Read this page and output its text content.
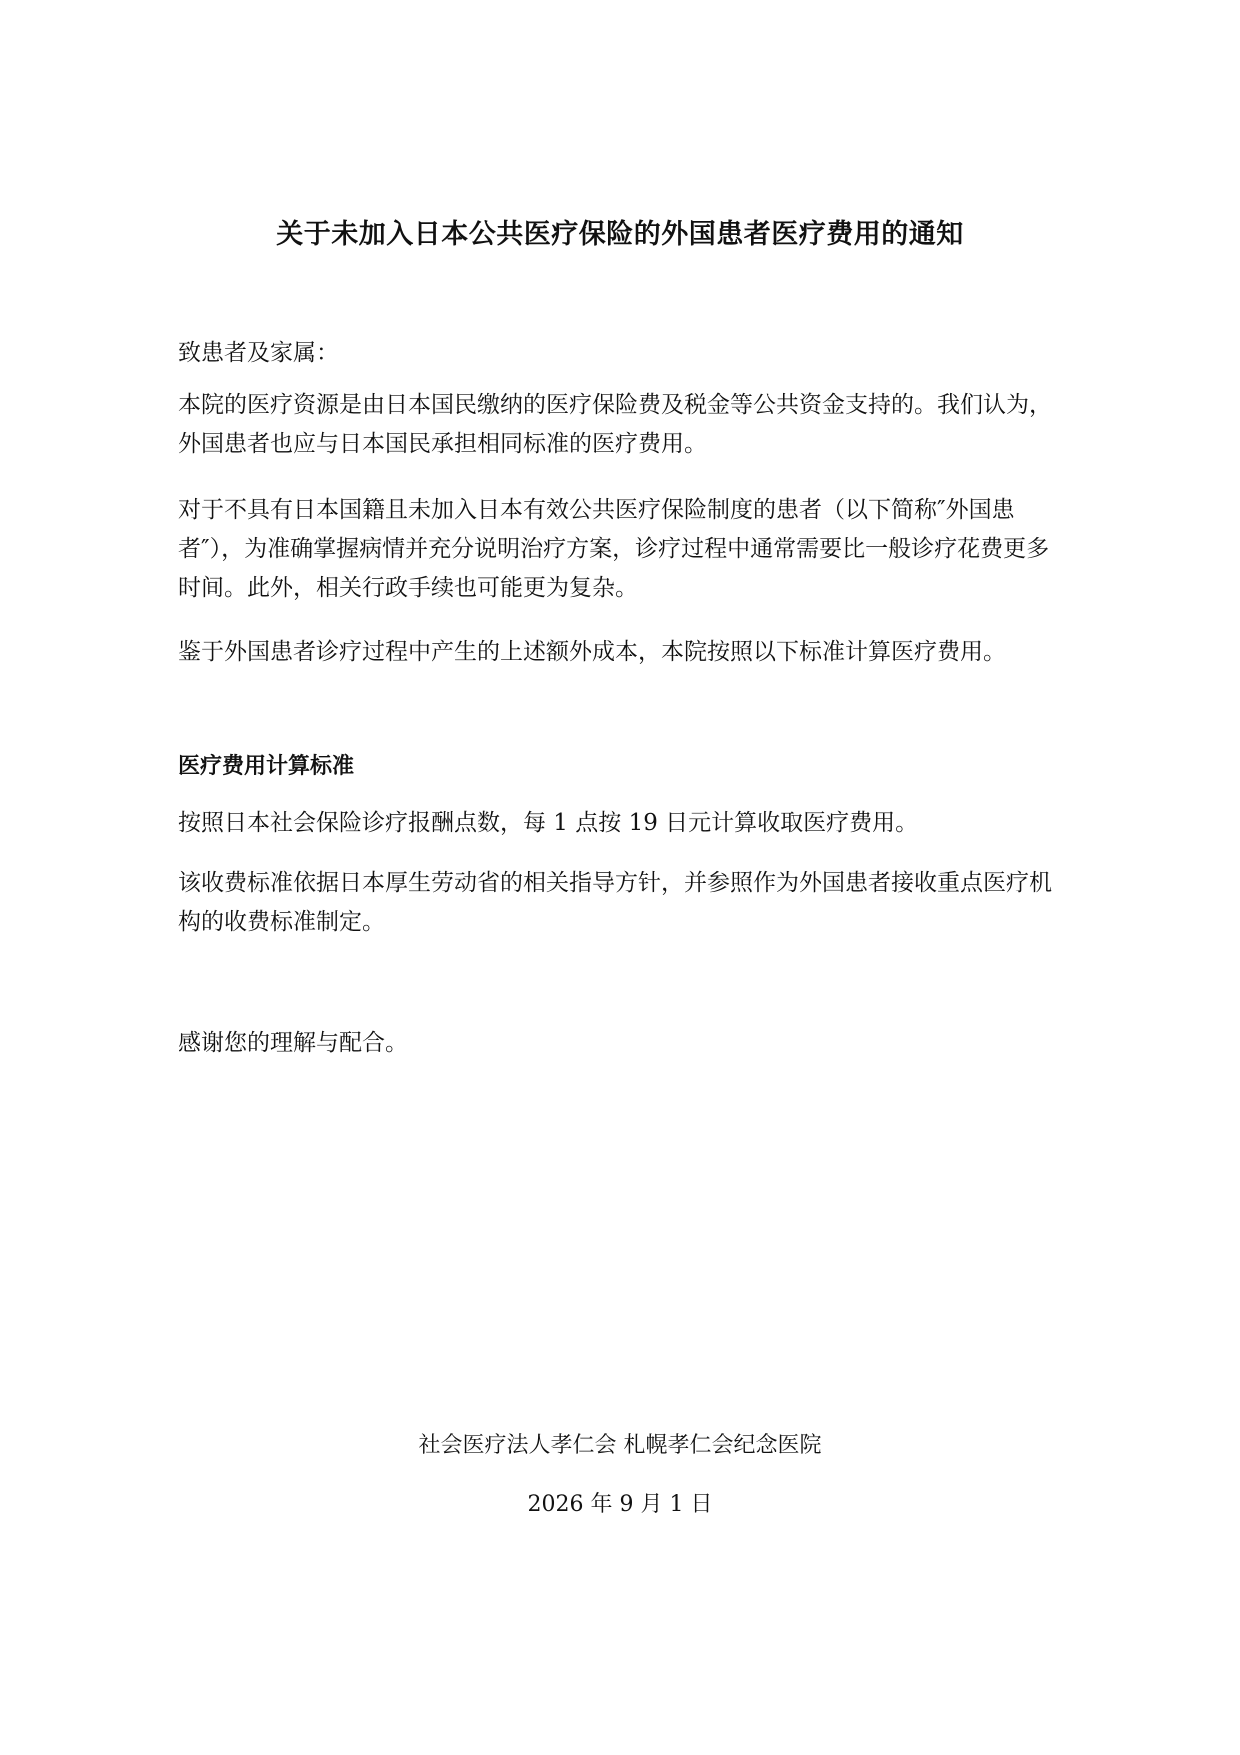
关于未加入日本公共医疗保险的外国患者医疗费用的通知

致患者及家属：

本院的医疗资源是由日本国民缴纳的医疗保险费及税金等公共资金支持的。我们认为，外国患者也应与日本国民承担相同标准的医疗费用。

对于不具有日本国籍且未加入日本有效公共医疗保险制度的患者（以下简称″外国患者″），为准确掌握病情并充分说明治疗方案，诊疗过程中通常需要比一般诊疗花费更多时间。此外，相关行政手续也可能更为复杂。

鉴于外国患者诊疗过程中产生的上述额外成本，本院按照以下标准计算医疗费用。

医疗费用计算标准

按照日本社会保险诊疗报酬点数，每 1 点按 19 日元计算收取医疗费用。

该收费标准依据日本厚生劳动省的相关指导方针，并参照作为外国患者接收重点医疗机构的收费标准制定。

感谢您的理解与配合。

社会医疗法人孝仁会 札幌孝仁会纪念医院
2026 年 9 月 1 日
